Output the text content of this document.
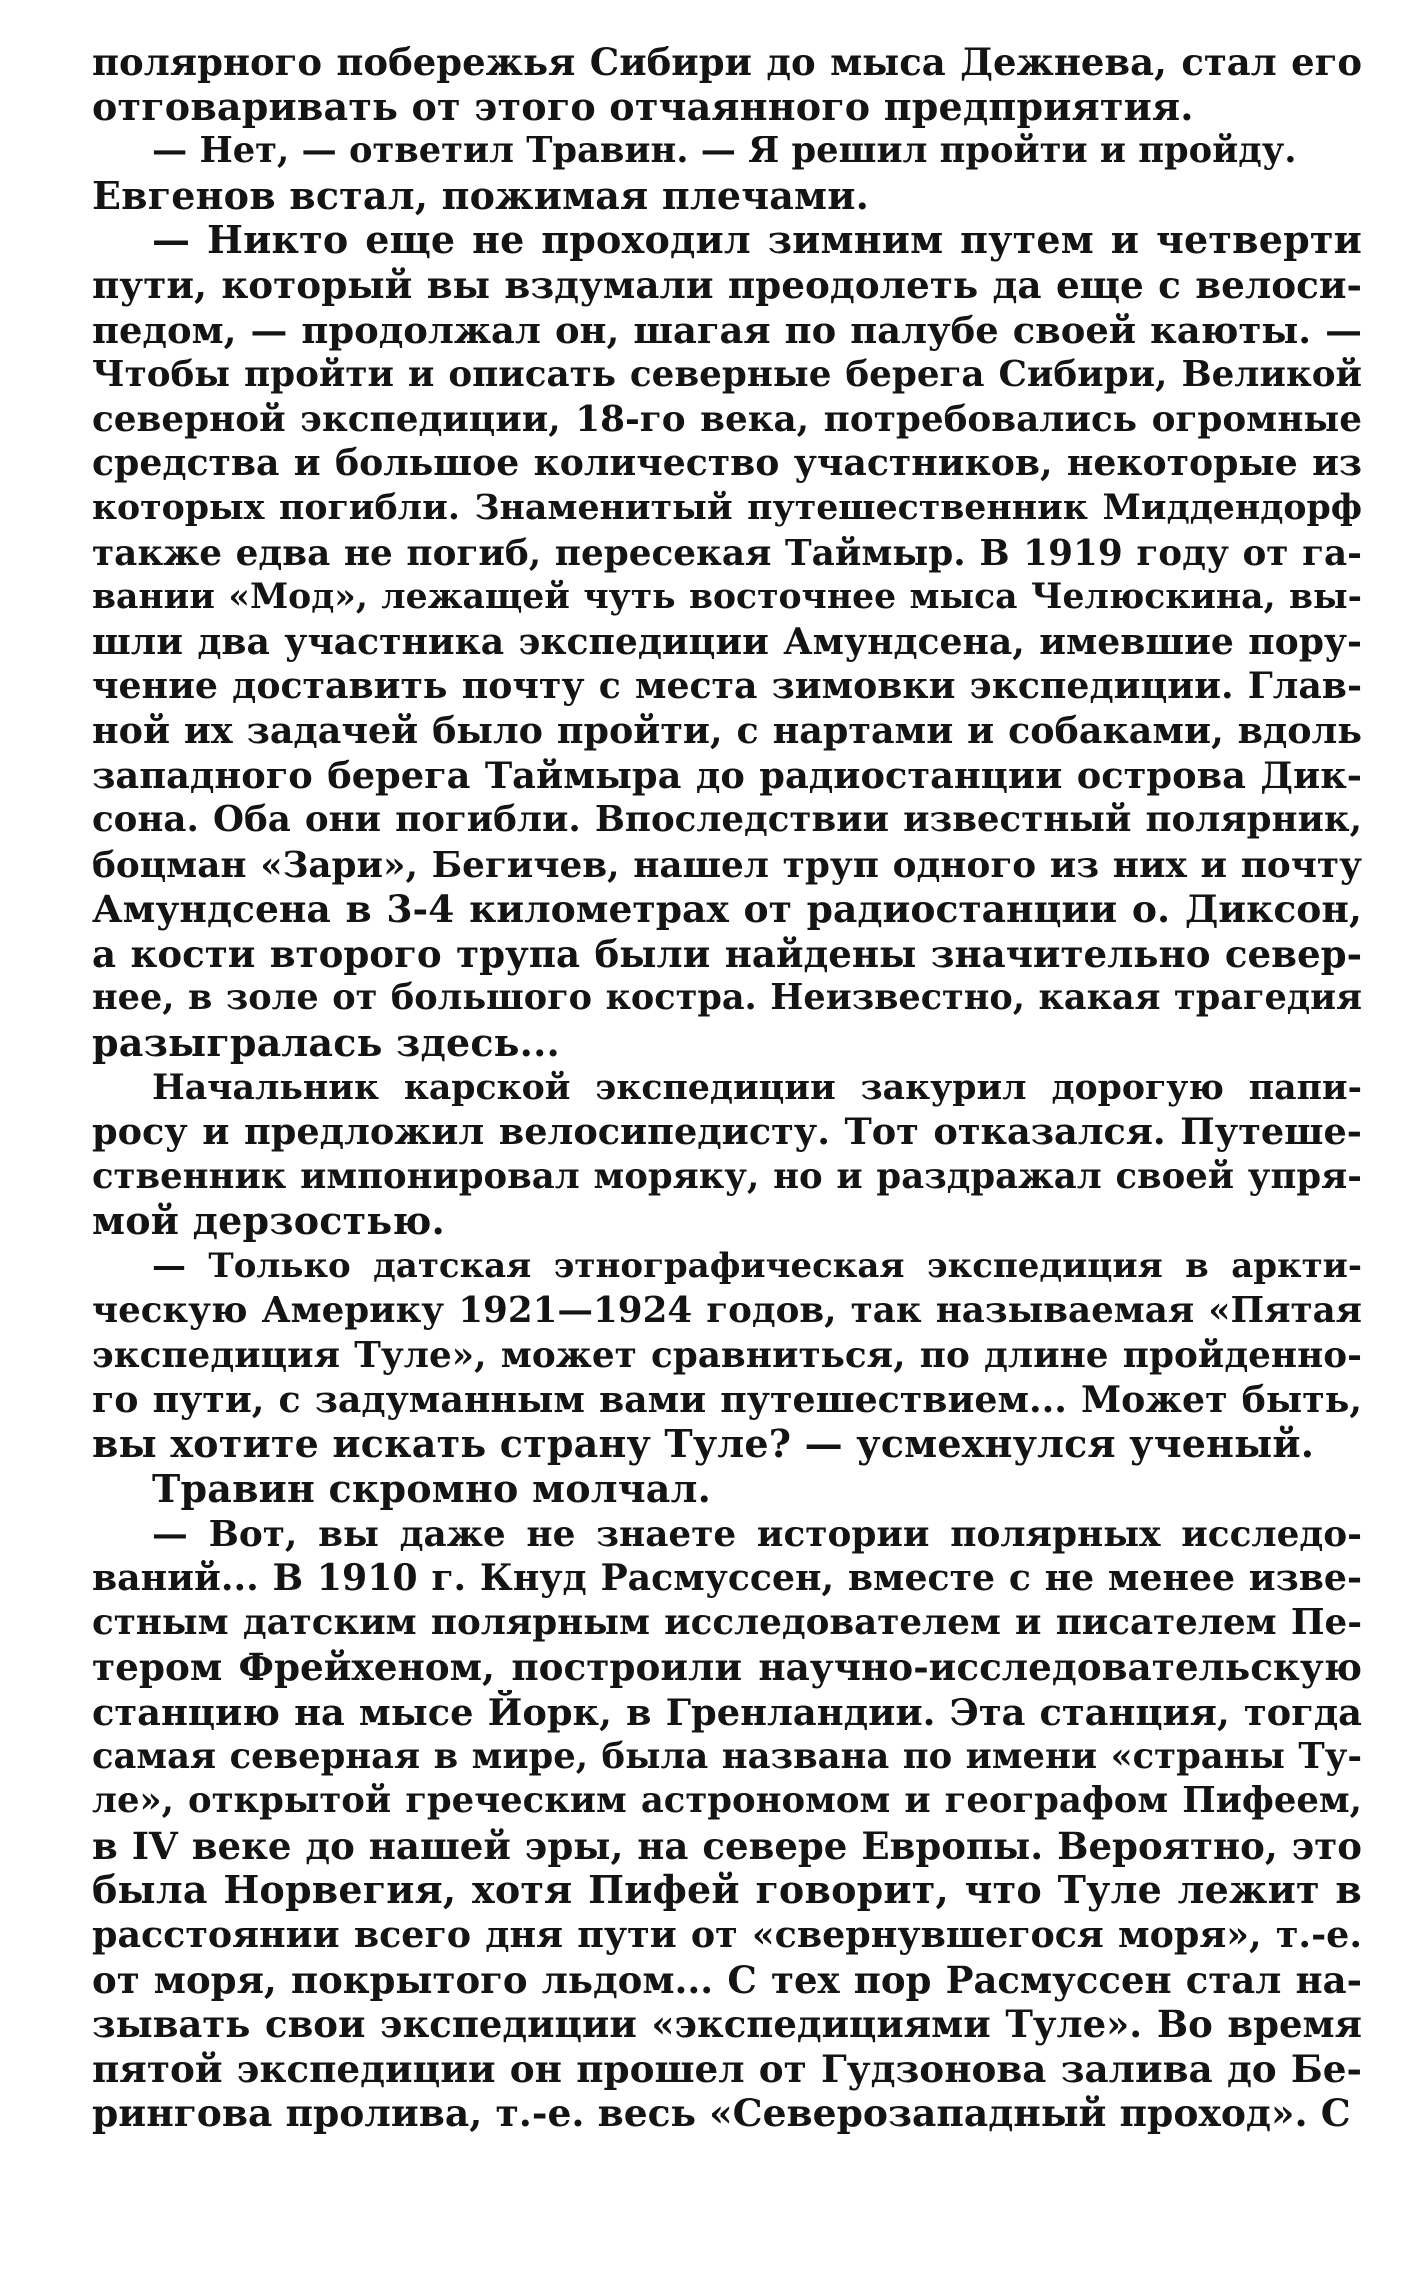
полярного побережья Сибири до мыса Дежнева, стал его
отговаривать от этого отчаянного предприятия.
— Нет, — ответил Травин. — Я решил пройти и пройду.
Евгенов встал, пожимая плечами.
— Никто еще не проходил зимним путем и четверти
пути, который вы вздумали преодолеть да еще с велоси-
педом, — продолжал он, шагая по палубе своей каюты. —
Чтобы пройти и описать северные берега Сибири, Великой
северной экспедиции, 18-го века, потребовались огромные
средства и большое количество участников, некоторые из
которых погибли. Знаменитый путешественник Миддендорф
также едва не погиб, пересекая Таймыр. В 1919 году от га-
вании «Мод», лежащей чуть восточнее мыса Челюскина, вы-
шли два участника экспедиции Амундсена, имевшие пору-
чение доставить почту с места зимовки экспедиции. Глав-
ной их задачей было пройти, с нартами и собаками, вдоль
западного берега Таймыра до радиостанции острова Дик-
сона. Оба они погибли. Впоследствии известный полярник,
боцман «Зари», Бегичев, нашел труп одного из них и почту
Амундсена в 3-4 километрах от радиостанции о. Диксон,
а кости второго трупа были найдены значительно север-
нее, в золе от большого костра. Неизвестно, какая трагедия
разыгралась здесь...
Начальник карской экспедиции закурил дорогую папи-
росу и предложил велосипедисту. Тот отказался. Путеше-
ственник импонировал моряку, но и раздражал своей упря-
мой дерзостью.
— Только датская этнографическая экспедиция в аркти-
ческую Америку 1921—1924 годов, так называемая «Пятая
экспедиция Туле», может сравниться, по длине пройденно-
го пути, с задуманным вами путешествием... Может быть,
вы хотите искать страну Туле? — усмехнулся ученый.
Травин скромно молчал.
— Вот, вы даже не знаете истории полярных исследо-
ваний... В 1910 г. Кнуд Расмуссен, вместе с не менее изве-
стным датским полярным исследователем и писателем Пе-
тером Фрейхеном, построили научно-исследовательскую
станцию на мысе Йорк, в Гренландии. Эта станция, тогда
самая северная в мире, была названа по имени «страны Ту-
ле», открытой греческим астрономом и географом Пифеем,
в IV веке до нашей эры, на севере Европы. Вероятно, это
была Норвегия, хотя Пифей говорит, что Туле лежит в
расстоянии всего дня пути от «свернувшегося моря», т.-е.
от моря, покрытого льдом... С тех пор Расмуссен стал на-
зывать свои экспедиции «экспедициями Туле». Во время
пятой экспедиции он прошел от Гудзонова залива до Бе-
рингова пролива, т.-е. весь «Северозападный проход». С
